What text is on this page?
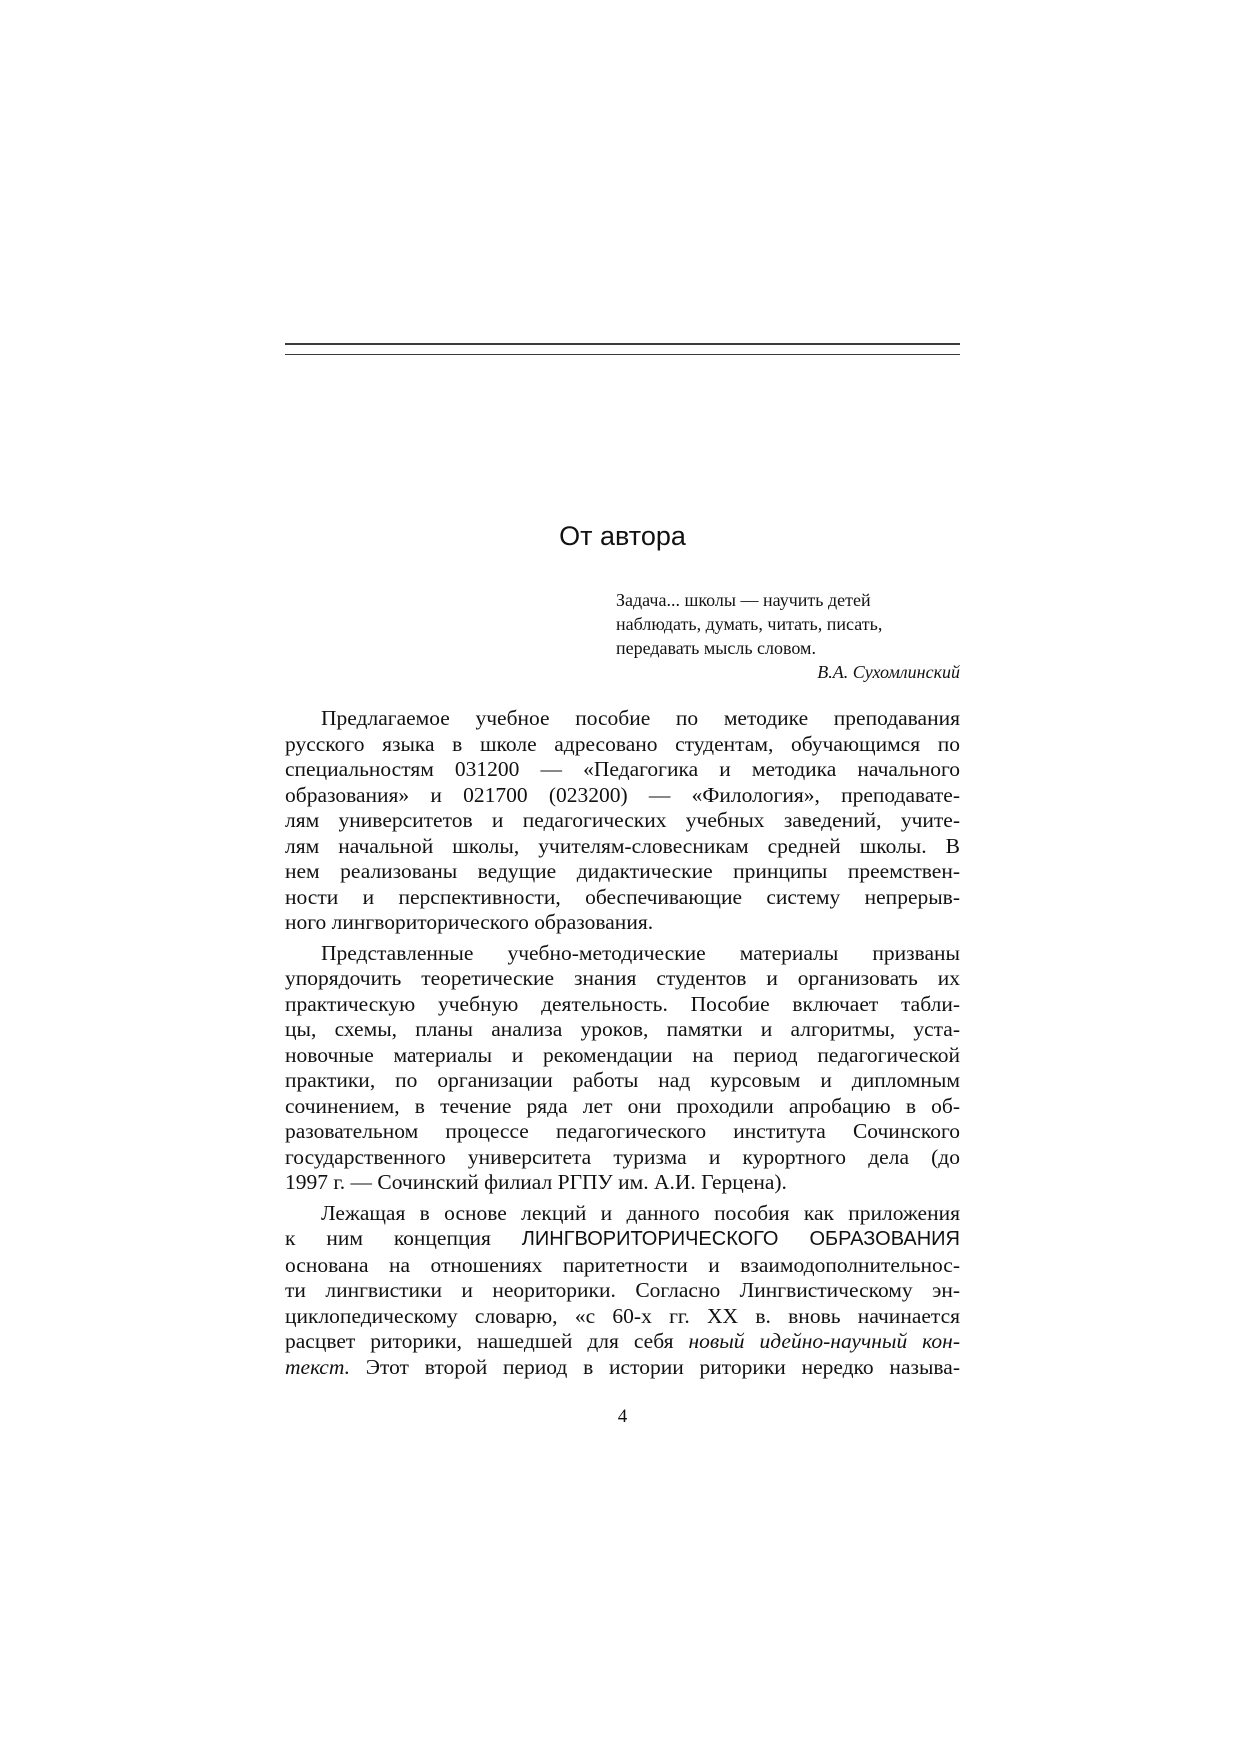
От автора
Задача... школы — научить детей
наблюдать, думать, читать, писать,
передавать мысль словом.
В.А. Сухомлинский
Предлагаемое учебное пособие по методике преподавания
русского языка в школе адресовано студентам, обучающимся по
специальностям 031200 — «Педагогика и методика начального
образования» и 021700 (023200) — «Филология», преподавате-
лям университетов и педагогических учебных заведений, учите-
лям начальной школы, учителям-словесникам средней школы. В
нем реализованы ведущие дидактические принципы преемствен-
ности и перспективности, обеспечивающие систему непрерыв-
ного лингвориторического образования.
Представленные учебно-методические материалы призваны
упорядочить теоретические знания студентов и организовать их
практическую учебную деятельность. Пособие включает табли-
цы, схемы, планы анализа уроков, памятки и алгоритмы, уста-
новочные материалы и рекомендации на период педагогической
практики, по организации работы над курсовым и дипломным
сочинением, в течение ряда лет они проходили апробацию в об-
разовательном процессе педагогического института Сочинского
государственного университета туризма и курортного дела (до
1997 г. — Сочинский филиал РГПУ им. А.И. Герцена).
Лежащая в основе лекций и данного пособия как приложения
к ним концепция ЛИНГВОРИТОРИЧЕСКОГО ОБРАЗОВАНИЯ
основана на отношениях паритетности и взаимодополнительнос-
ти лингвистики и неориторики. Согласно Лингвистическому эн-
циклопедическому словарю, «с 60-х гг. XX в. вновь начинается
расцвет риторики, нашедшей для себя новый идейно-научный кон-
текст. Этот второй период в истории риторики нередко называ-
4
